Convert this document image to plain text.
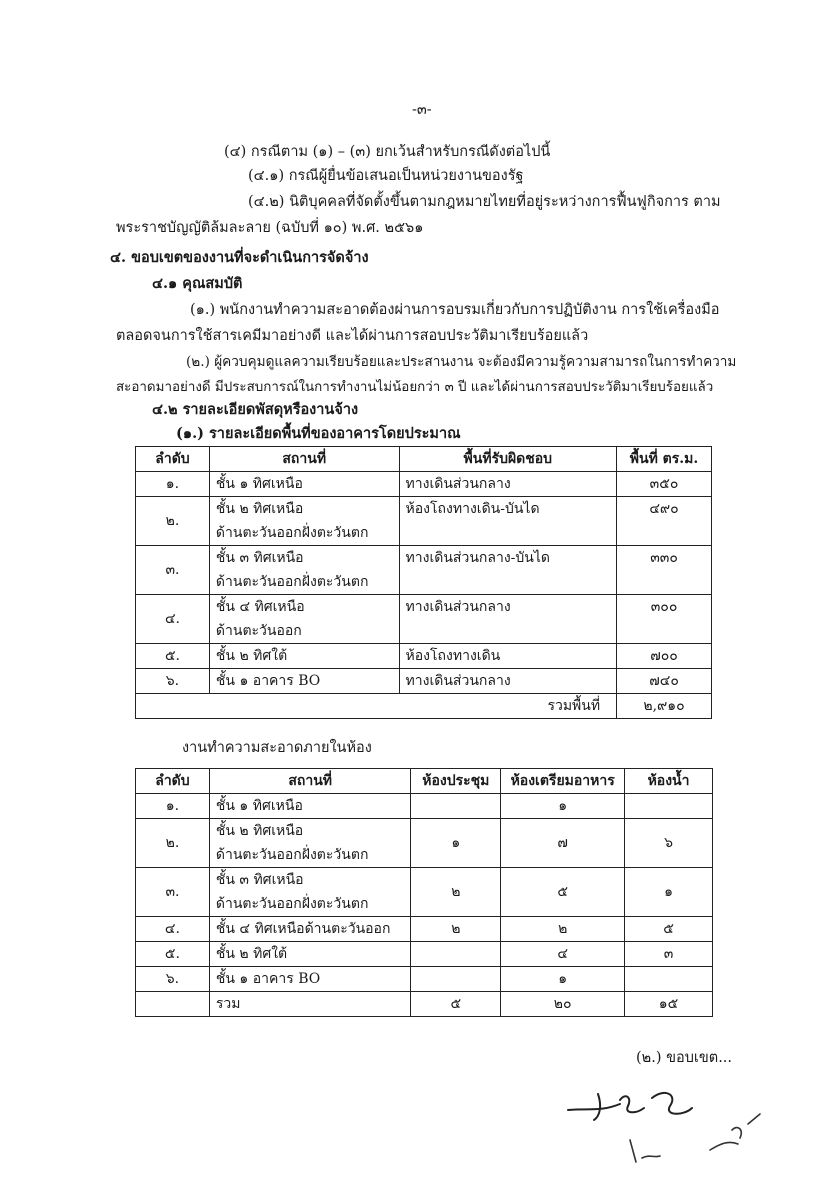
-๓-
(๔) กรณีตาม (๑) – (๓) ยกเว้นสำหรับกรณีดังต่อไปนี้
(๔.๑) กรณีผู้ยื่นข้อเสนอเป็นหน่วยงานของรัฐ
(๔.๒) นิติบุคคลที่จัดตั้งขึ้นตามกฎหมายไทยที่อยู่ระหว่างการฟื้นฟูกิจการ ตาม
พระราชบัญญัติล้มละลาย (ฉบับที่ ๑๐) พ.ศ. ๒๕๖๑
๔. ขอบเขตของงานที่จะดำเนินการจัดจ้าง
๔.๑ คุณสมบัติ
(๑.) พนักงานทำความสะอาดต้องผ่านการอบรมเกี่ยวกับการปฏิบัติงาน การใช้เครื่องมือ
ตลอดจนการใช้สารเคมีมาอย่างดี และได้ผ่านการสอบประวัติมาเรียบร้อยแล้ว
(๒.) ผู้ควบคุมดูแลความเรียบร้อยและประสานงาน จะต้องมีความรู้ความสามารถในการทำความ
สะอาดมาอย่างดี มีประสบการณ์ในการทำงานไม่น้อยกว่า ๓ ปี และได้ผ่านการสอบประวัติมาเรียบร้อยแล้ว
๔.๒ รายละเอียดพัสดุหรืองานจ้าง
(๑.) รายละเอียดพื้นที่ของอาคารโดยประมาณ
ลำดับ	สถานที่	พื้นที่รับผิดชอบ	พื้นที่ ตร.ม.
๑.	ชั้น ๑ ทิศเหนือ	ทางเดินส่วนกลาง	๓๕๐
๒.	ชั้น ๒ ทิศเหนือ
ด้านตะวันออกฝั่งตะวันตก	ห้องโถงทางเดิน-บันได	๔๙๐
๓.	ชั้น ๓ ทิศเหนือ
ด้านตะวันออกฝั่งตะวันตก	ทางเดินส่วนกลาง-บันได	๓๓๐
๔.	ชั้น ๔ ทิศเหนือ
ด้านตะวันออก	ทางเดินส่วนกลาง	๓๐๐
๕.	ชั้น ๒ ทิศใต้	ห้องโถงทางเดิน	๗๐๐
๖.	ชั้น ๑ อาคาร BO	ทางเดินส่วนกลาง	๗๔๐
รวมพื้นที่			๒,๙๑๐
งานทำความสะอาดภายในห้อง
ลำดับ	สถานที่	ห้องประชุม	ห้องเตรียมอาหาร	ห้องน้ำ
๑.	ชั้น ๑ ทิศเหนือ		๑	
๒.	ชั้น ๒ ทิศเหนือ
ด้านตะวันออกฝั่งตะวันตก	๑	๗	๖
๓.	ชั้น ๓ ทิศเหนือ
ด้านตะวันออกฝั่งตะวันตก	๒	๕	๑
๔.	ชั้น ๔ ทิศเหนือด้านตะวันออก	๒	๒	๕
๕.	ชั้น ๒ ทิศใต้		๔	๓
๖.	ชั้น ๑ อาคาร BO		๑	
	รวม	๕	๒๐	๑๕
(๒.) ขอบเขต...
